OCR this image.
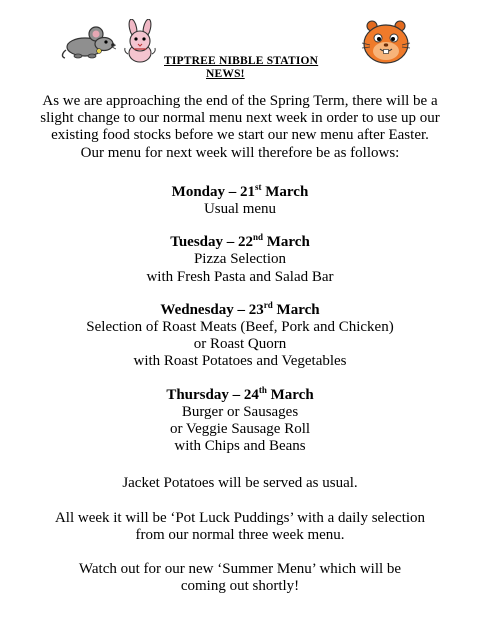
TIPTREE NIBBLE STATION
NEWS!

As we are approaching the end of the Spring Term, there will be a slight change to our normal menu next week in order to use up our existing food stocks before we start our new menu after Easter. Our menu for next week will therefore be as follows:

Monday – 21st March

Usual menu

Tuesday – 22nd March

Pizza Selection

with Fresh Pasta and Salad Bar

Wednesday – 23rd March

Selection of Roast Meats (Beef, Pork and Chicken)

or Roast Quorn

with Roast Potatoes and Vegetables

Thursday – 24th March

Burger or Sausages

or Veggie Sausage Roll

with Chips and Beans

Jacket Potatoes will be served as usual.

All week it will be ‘Pot Luck Puddings’ with a daily selection from our normal three week menu.

Watch out for our new ‘Summer Menu’ which will be coming out shortly!
